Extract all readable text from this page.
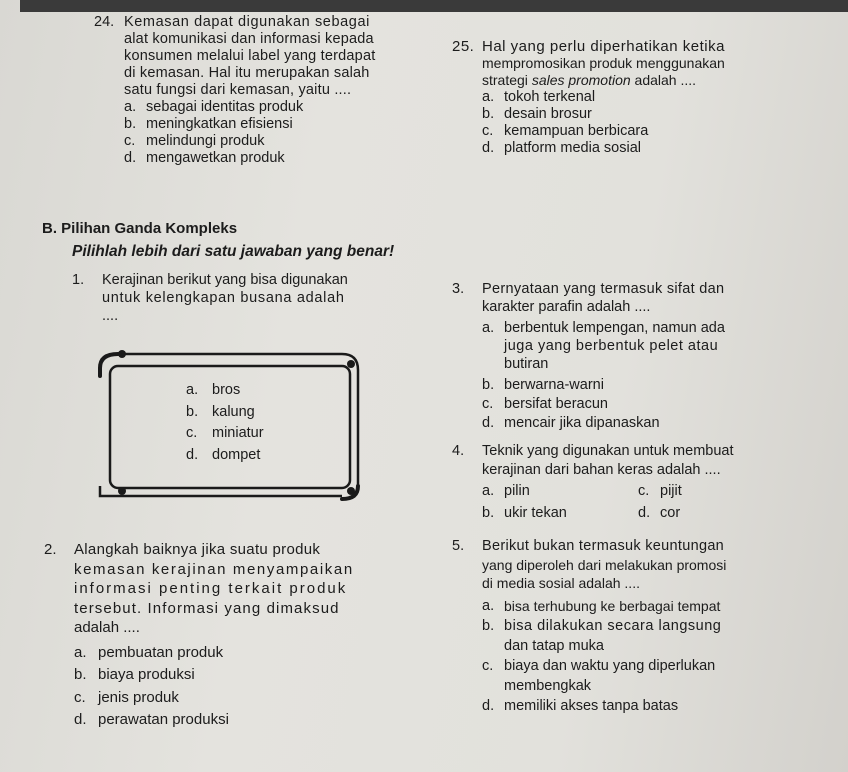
24. Kemasan dapat digunakan sebagai
alat komunikasi dan informasi kepada
konsumen melalui label yang terdapat
di kemasan. Hal itu merupakan salah
satu fungsi dari kemasan, yaitu ....
a. sebagai identitas produk
b. meningkatkan efisiensi
c. melindungi produk
d. mengawetkan produk
25. Hal yang perlu diperhatikan ketika
mempromosikan produk menggunakan
strategi sales promotion adalah ....
a. tokoh terkenal
b. desain brosur
c. kemampuan berbicara
d. platform media sosial
B. Pilihan Ganda Kompleks
Pilihlah lebih dari satu jawaban yang benar!
1. Kerajinan berikut yang bisa digunakan
untuk kelengkapan busana adalah
....
a. bros
b. kalung
c. miniatur
d. dompet
2. Alangkah baiknya jika suatu produk
kemasan kerajinan menyampaikan
informasi penting terkait produk
tersebut. Informasi yang dimaksud
adalah ....
a. pembuatan produk
b. biaya produksi
c. jenis produk
d. perawatan produksi
3. Pernyataan yang termasuk sifat dan
karakter parafin adalah ....
a. berbentuk lempengan, namun ada
juga yang berbentuk pelet atau
butiran
b. berwarna-warni
c. bersifat beracun
d. mencair jika dipanaskan
4. Teknik yang digunakan untuk membuat
kerajinan dari bahan keras adalah ....
a. pilin	c. pijit
b. ukir tekan	d. cor
5. Berikut bukan termasuk keuntungan
yang diperoleh dari melakukan promosi
di media sosial adalah ....
a. bisa terhubung ke berbagai tempat
b. bisa dilakukan secara langsung
dan tatap muka
c. biaya dan waktu yang diperlukan
membengkak
d. memiliki akses tanpa batas
